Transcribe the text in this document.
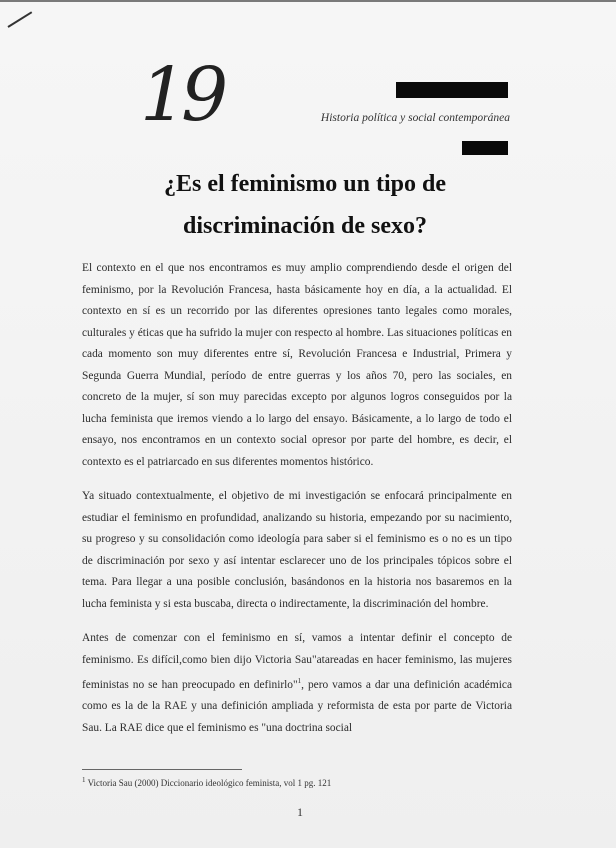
19	Historia política y social contemporánea
¿Es el feminismo un tipo de
discriminación de sexo?

El contexto en el que nos encontramos es muy amplio comprendiendo desde el origen del feminismo, por la Revolución Francesa, hasta básicamente hoy en día, a la actualidad. El contexto en sí es un recorrido por las diferentes opresiones tanto legales como morales, culturales y éticas que ha sufrido la mujer con respecto al hombre. Las situaciones políticas en cada momento son muy diferentes entre sí, Revolución Francesa e Industrial, Primera y Segunda Guerra Mundial, período de entre guerras y los años 70, pero las sociales, en concreto de la mujer, sí son muy parecidas excepto por algunos logros conseguidos por la lucha feminista que iremos viendo a lo largo del ensayo. Básicamente, a lo largo de todo el ensayo, nos encontramos en un contexto social opresor por parte del hombre, es decir, el contexto es el patriarcado en sus diferentes momentos histórico.

Ya situado contextualmente, el objetivo de mi investigación se enfocará principalmente en estudiar el feminismo en profundidad, analizando su historia, empezando por su nacimiento, su progreso y su consolidación como ideología para saber si el feminismo es o no es un tipo de discriminación por sexo y así intentar esclarecer uno de los principales tópicos sobre el tema. Para llegar a una posible conclusión, basándonos en la historia nos basaremos en la lucha feminista y si esta buscaba, directa o indirectamente, la discriminación del hombre.

Antes de comenzar con el feminismo en sí, vamos a intentar definir el concepto de feminismo. Es difícil,como bien dijo Victoria Sau"atareadas en hacer feminismo, las mujeres feministas no se han preocupado en definirlo"$^1$, pero vamos a dar una definición académica como es la de la RAE y una definición ampliada y reformista de esta por parte de Victoria Sau. La RAE dice que el feminismo es "una doctrina social

$^1$ Victoria Sau (2000) Diccionario ideológico feminista, vol 1 pg. 121
1
